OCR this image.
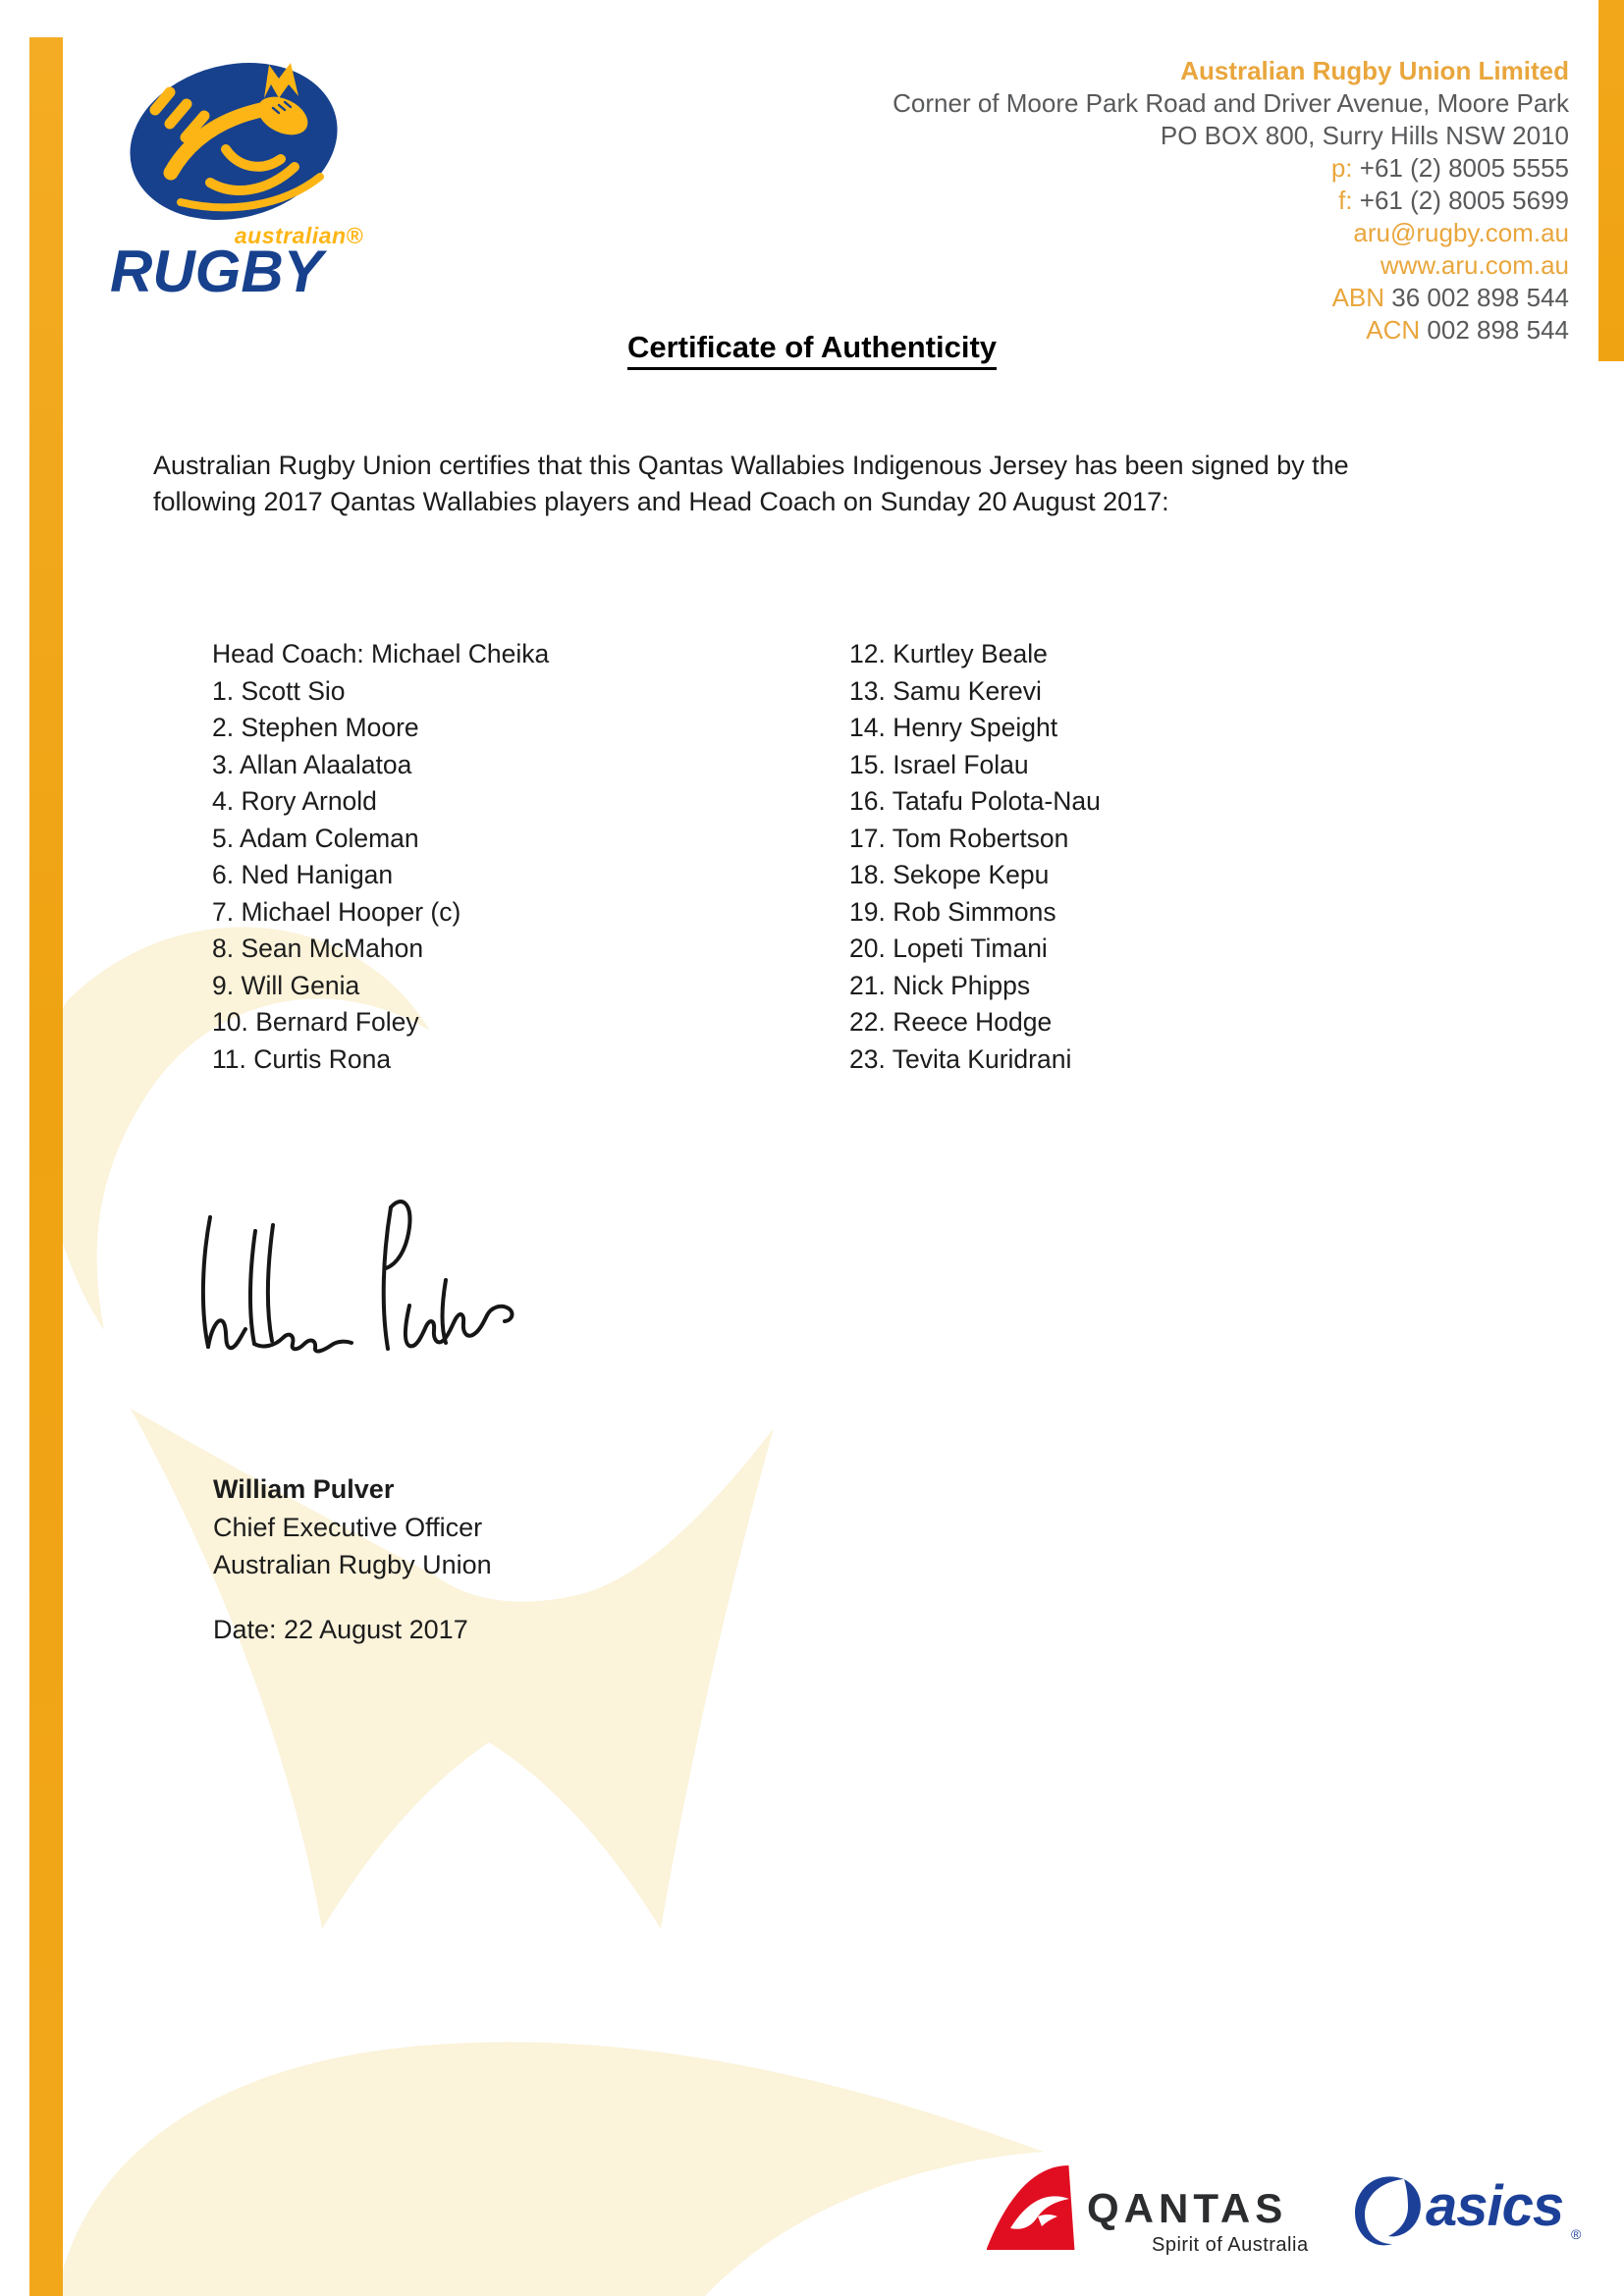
australian®
RUGBY
Australian Rugby Union Limited
Corner of Moore Park Road and Driver Avenue, Moore Park
PO BOX 800, Surry Hills NSW 2010
p: +61 (2) 8005 5555
f: +61 (2) 8005 5699
aru@rugby.com.au
www.aru.com.au
ABN 36 002 898 544
ACN 002 898 544
Certificate of Authenticity
Australian Rugby Union certifies that this Qantas Wallabies Indigenous Jersey has been signed by the following 2017 Qantas Wallabies players and Head Coach on Sunday 20 August 2017:
Head Coach: Michael Cheika
1. Scott Sio
2. Stephen Moore
3. Allan Alaalatoa
4. Rory Arnold
5. Adam Coleman
6. Ned Hanigan
7. Michael Hooper (c)
8. Sean McMahon
9. Will Genia
10. Bernard Foley
11. Curtis Rona
12. Kurtley Beale
13. Samu Kerevi
14. Henry Speight
15. Israel Folau
16. Tatafu Polota-Nau
17. Tom Robertson
18. Sekope Kepu
19. Rob Simmons
20. Lopeti Timani
21. Nick Phipps
22. Reece Hodge
23. Tevita Kuridrani
William Pulver
Chief Executive Officer
Australian Rugby Union
Date: 22 August 2017
QANTAS
Spirit of Australia
asics ®
